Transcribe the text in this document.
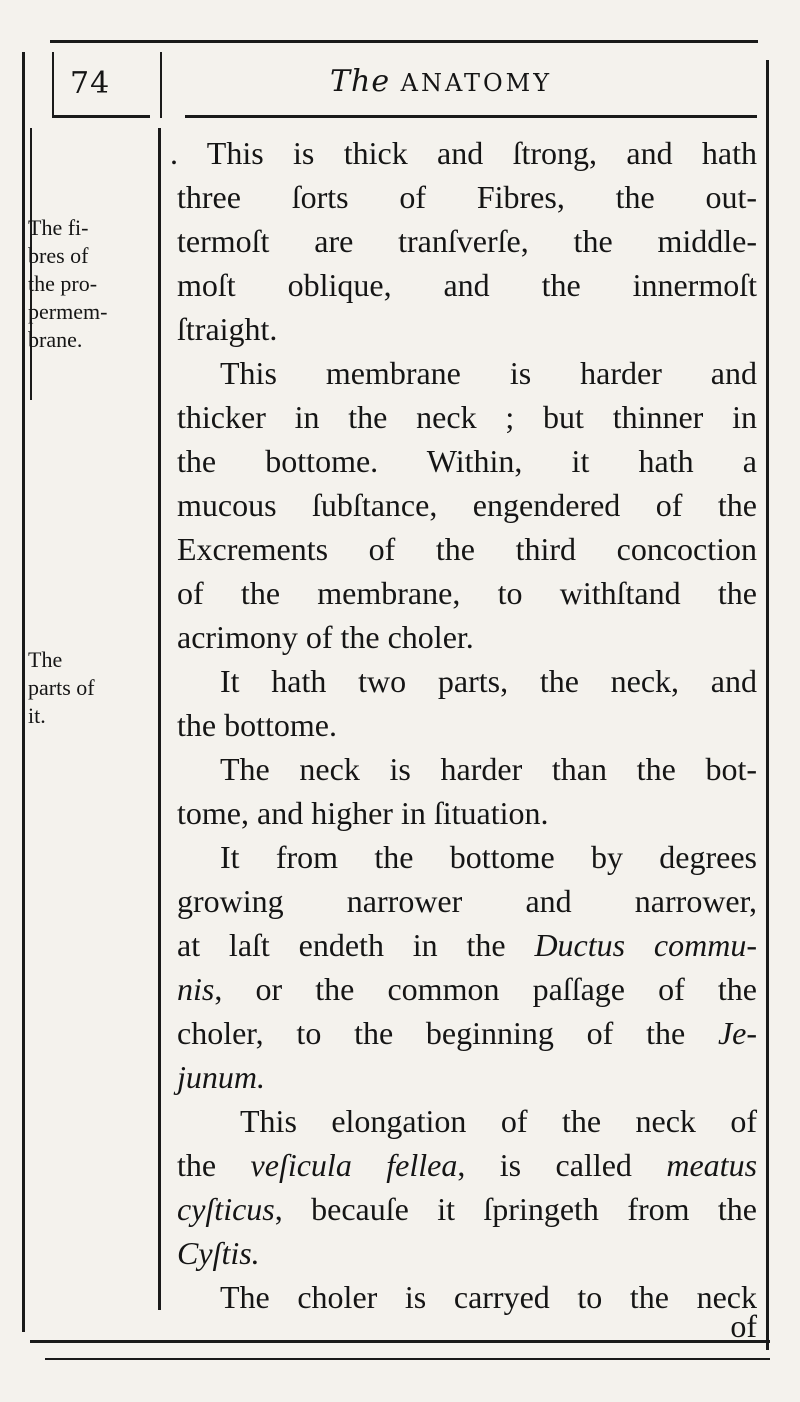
74	The ANATOMY
The fi-
bres of
the pro-
permem-
brane.
The
parts of
it.
. This is thick and ſtrong, and hath
three ſorts of Fibres, the out-
termoſt are tranſverſe, the middle-
moſt oblique, and the innermoſt
ſtraight.
This membrane is harder and
thicker in the neck ; but thinner in
the bottome. Within, it hath a
mucous ſubſtance, engendered of the
Excrements of the third concoction
of the membrane, to withſtand the
acrimony of the choler.
It hath two parts, the neck, and
the bottome.
The neck is harder than the bot-
tome, and higher in ſituation.
It from the bottome by degrees
growing narrower and narrower,
at laſt endeth in the Ductus commu-
nis, or the common paſſage of the
choler, to the beginning of the Je-
junum.
This elongation of the neck of
the veſicula fellea, is called meatus
cyſticus, becauſe it ſpringeth from the
Cyſtis.
The choler is carryed to the neck
of
